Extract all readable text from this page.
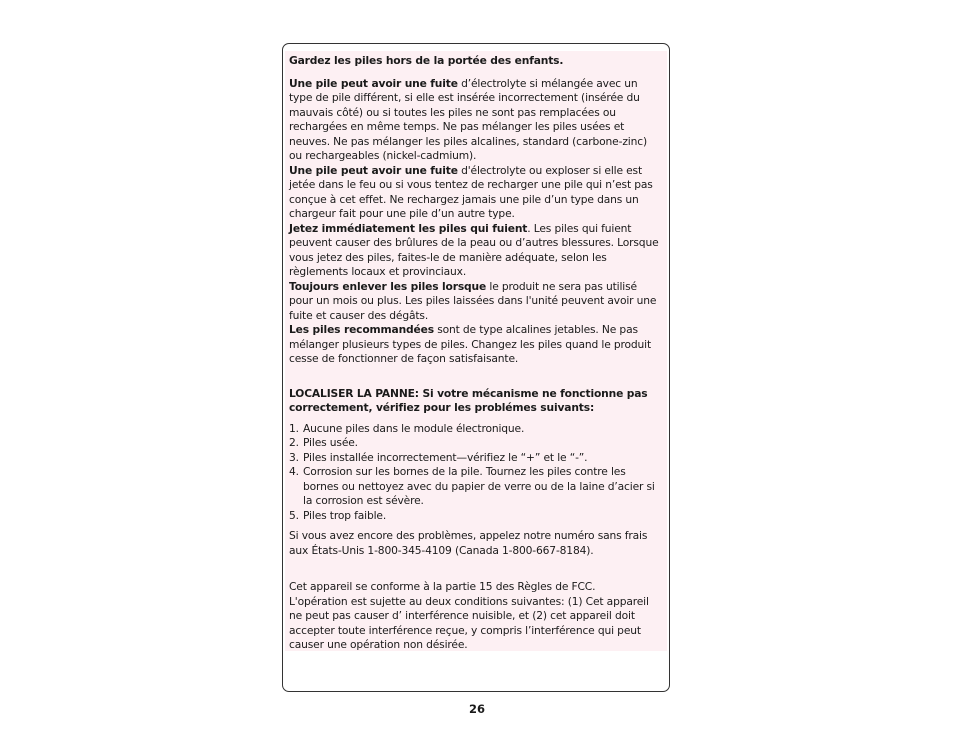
Gardez les piles hors de la portée des enfants.

Une pile peut avoir une fuite d’électrolyte si mélangée avec un type de pile différent, si elle est insérée incorrectement (insérée du mauvais côté) ou si toutes les piles ne sont pas remplacées ou rechargées en même temps. Ne pas mélanger les piles usées et neuves. Ne pas mélanger les piles alcalines, standard (carbone-zinc) ou rechargeables (nickel-cadmium).

Une pile peut avoir une fuite d'électrolyte ou exploser si elle est jetée dans le feu ou si vous tentez de recharger une pile qui n’est pas conçue à cet effet. Ne rechargez jamais une pile d’un type dans un chargeur fait pour une pile d’un autre type.

Jetez immédiatement les piles qui fuient. Les piles qui fuient peuvent causer des brûlures de la peau ou d’autres blessures. Lorsque vous jetez des piles, faites-le de manière adéquate, selon les règlements locaux et provinciaux.

Toujours enlever les piles lorsque le produit ne sera pas utilisé pour un mois ou plus. Les piles laissées dans l'unité peuvent avoir une fuite et causer des dégâts.

Les piles recommandées sont de type alcalines jetables. Ne pas mélanger plusieurs types de piles. Changez les piles quand le produit cesse de fonctionner de façon satisfaisante.

LOCALISER LA PANNE: Si votre mécanisme ne fonctionne pas correctement, vérifiez pour les problémes suivants:

1. Aucune piles dans le module électronique.
2. Piles usée.
3. Piles installée incorrectement—vérifiez le “+” et le “-”.
4. Corrosion sur les bornes de la pile. Tournez les piles contre les bornes ou nettoyez avec du papier de verre ou de la laine d’acier si la corrosion est sévère.
5. Piles trop faible.

Si vous avez encore des problèmes, appelez notre numéro sans frais aux États-Unis 1-800-345-4109 (Canada 1-800-667-8184).

Cet appareil se conforme à la partie 15 des Règles de FCC.

L'opération est sujette au deux conditions suivantes: (1) Cet appareil ne peut pas causer d’ interférence nuisible, et (2) cet appareil doit accepter toute interférence reçue, y compris l’interférence qui peut causer une opération non désirée.

26
